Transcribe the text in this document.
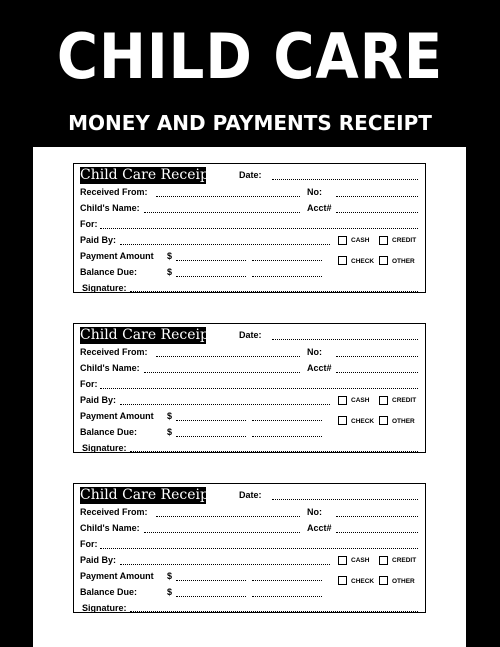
CHILD CARE
MONEY AND PAYMENTS RECEIPT
Child Care Receipt	Date:
Received From:	No:
Child's Name:	Acct#
For:
Paid By:	CASH	CREDIT
Payment Amount $
CHECK	OTHER
Balance Due:	$
Signature:
Child Care Receipt	Date:
Received From:	No:
Child's Name:	Acct#
For:
Paid By:	CASH	CREDIT
Payment Amount $
CHECK	OTHER
Balance Due:	$
Signature:
Child Care Receipt	Date:
Received From:	No:
Child's Name:	Acct#
For:
Paid By:	CASH	CREDIT
Payment Amount $
CHECK	OTHER
Balance Due:	$
Signature:
